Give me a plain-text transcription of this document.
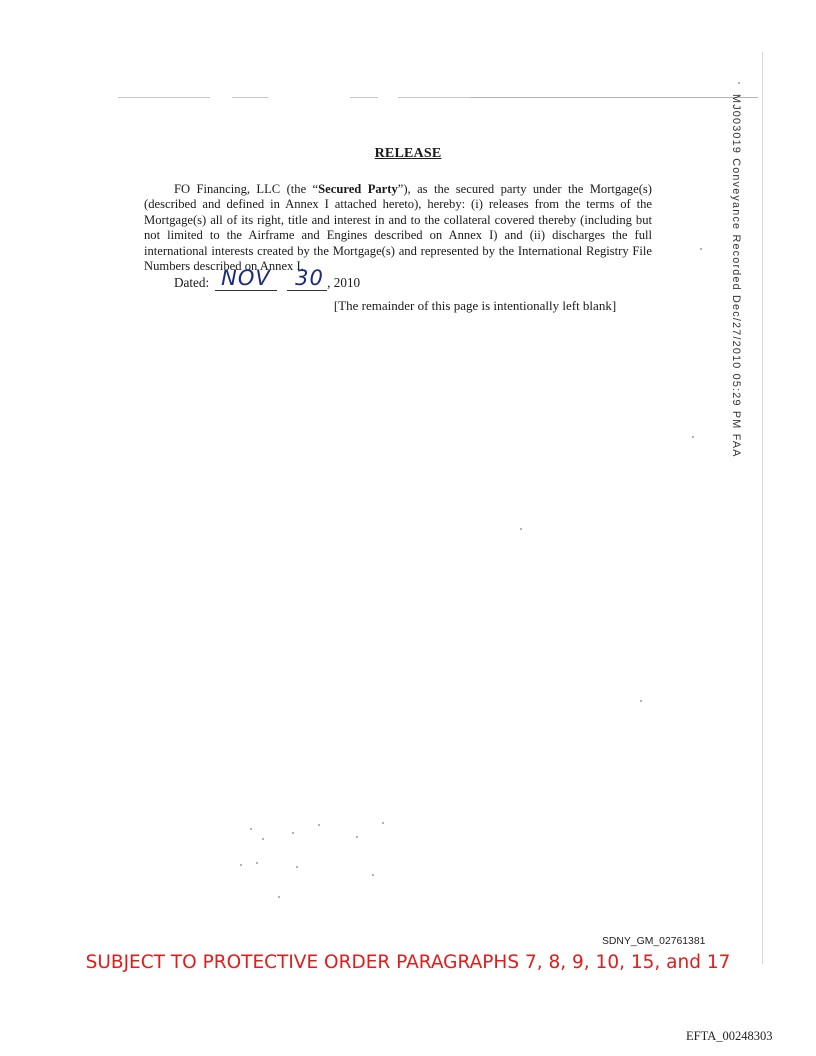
RELEASE

FO Financing, LLC (the “Secured Party”), as the secured party under the Mortgage(s) (described and defined in Annex I attached hereto), hereby: (i) releases from the terms of the Mortgage(s) all of its right, title and interest in and to the collateral covered thereby (including but not limited to the Airframe and Engines described on Annex I) and (ii) discharges the full international interests created by the Mortgage(s) and represented by the International Registry File Numbers described on Annex I.

Dated: NOV 30 , 2010
[The remainder of this page is intentionally left blank]	MJ003019 Conveyance Recorded Dec/27/2010 05:29 PM FAA
SDNY_GM_02761381
SUBJECT TO PROTECTIVE ORDER PARAGRAPHS 7, 8, 9, 10, 15, and 17
EFTA_00248303
